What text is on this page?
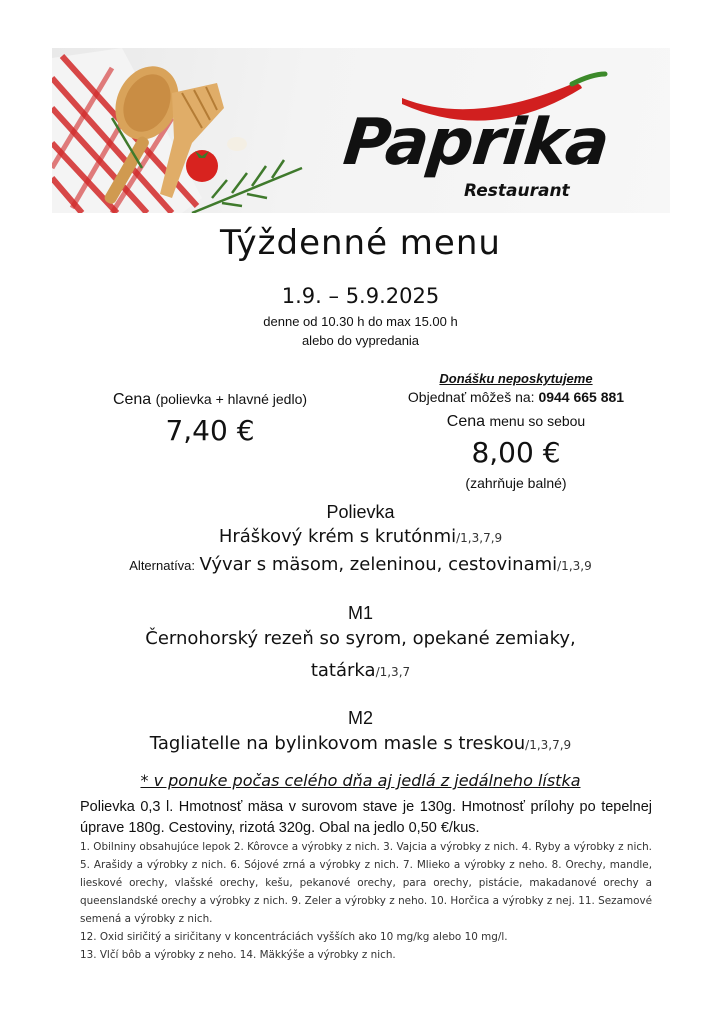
Paprika
Restaurant
Týždenné menu
1.9. – 5.9.2025
denne od 10.30 h do max 15.00 h
alebo do vypredania
Cena (polievka + hlavné jedlo)
7,40 €
Donášku neposkytujeme
Objednať môžeš na: 0944 665 881
Cena menu so sebou
8,00 €
(zahrňuje balné)
Polievka
Hráškový krém s krutónmi/1,3,7,9
Alternatíva: Vývar s mäsom, zeleninou, cestovinami/1,3,9
M1
Černohorský rezeň so syrom, opekané zemiaky,
tatárka/1,3,7
M2
Tagliatelle na bylinkovom masle s treskou/1,3,7,9
* v ponuke počas celého dňa aj jedlá z jedálneho lístka
Polievka 0,3 l. Hmotnosť mäsa v surovom stave je 130g. Hmotnosť prílohy po tepelnej úprave 180g. Cestoviny, rizotá 320g. Obal na jedlo 0,50 €/kus.

1. Obilniny obsahujúce lepok 2. Kôrovce a výrobky z nich. 3. Vajcia a výrobky z nich. 4. Ryby a výrobky z nich. 5. Arašidy a výrobky z nich. 6. Sójové zrná a výrobky z nich. 7. Mlieko a výrobky z neho. 8. Orechy, mandle, lieskové orechy, vlašské orechy, kešu, pekanové orechy, para orechy, pistácie, makadanové orechy a queenslandské orechy a výrobky z nich. 9. Zeler a výrobky z neho. 10. Horčica a výrobky z nej. 11. Sezamové semená a výrobky z nich.

12. Oxid siričitý a siričitany v koncentráciách vyšších ako 10 mg/kg alebo 10 mg/l.

13. Vlčí bôb a výrobky z neho. 14. Mäkkýše a výrobky z nich.
